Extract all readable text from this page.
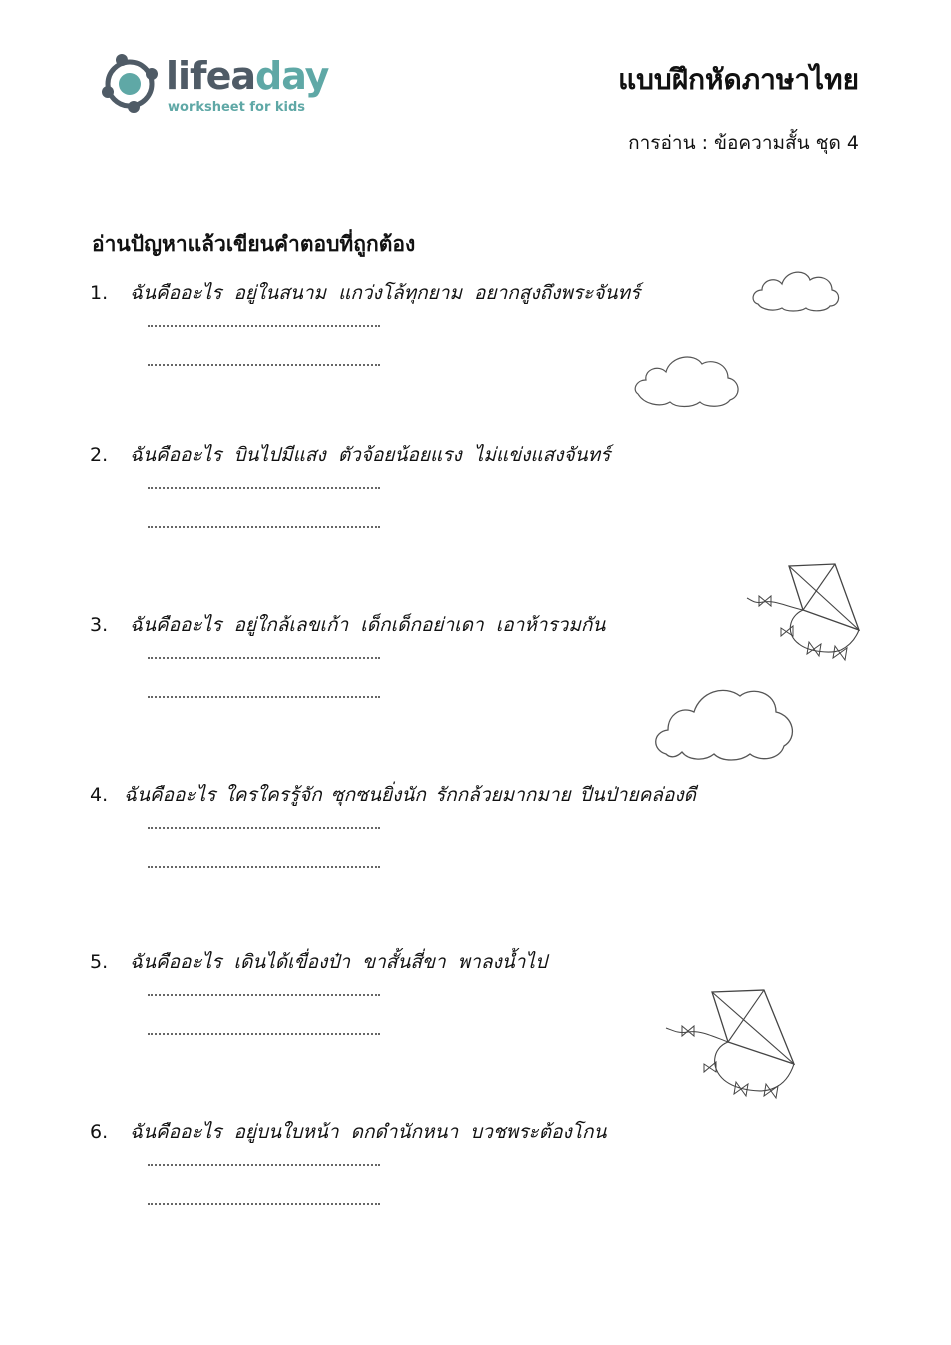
lifeaday
worksheet for kids
แบบฝึกหัดภาษาไทย
การอ่าน : ข้อความสั้น ชุด 4
อ่านปัญหาแล้วเขียนคำตอบที่ถูกต้อง
1.	ฉันคืออะไร อยู่ในสนาม แกว่งโล้ทุกยาม อยากสูงถึงพระจันทร์
2.	ฉันคืออะไร บินไปมีแสง ตัวจ้อยน้อยแรง ไม่แข่งแสงจันทร์
3.	ฉันคืออะไร อยู่ใกล้เลขเก้า เด็กเด็กอย่าเดา เอาห้ารวมกัน
4. ฉันคืออะไร ใครใครรู้จัก ซุกซนยิ่งนัก รักกล้วยมากมาย ปีนป่ายคล่องดี
5.	ฉันคืออะไร เดินได้เขื่องป๋า ขาสั้นสี่ขา พาลงน้ำไป
6.	ฉันคืออะไร อยู่บนใบหน้า ดกดำนักหนา บวชพระต้องโกน
